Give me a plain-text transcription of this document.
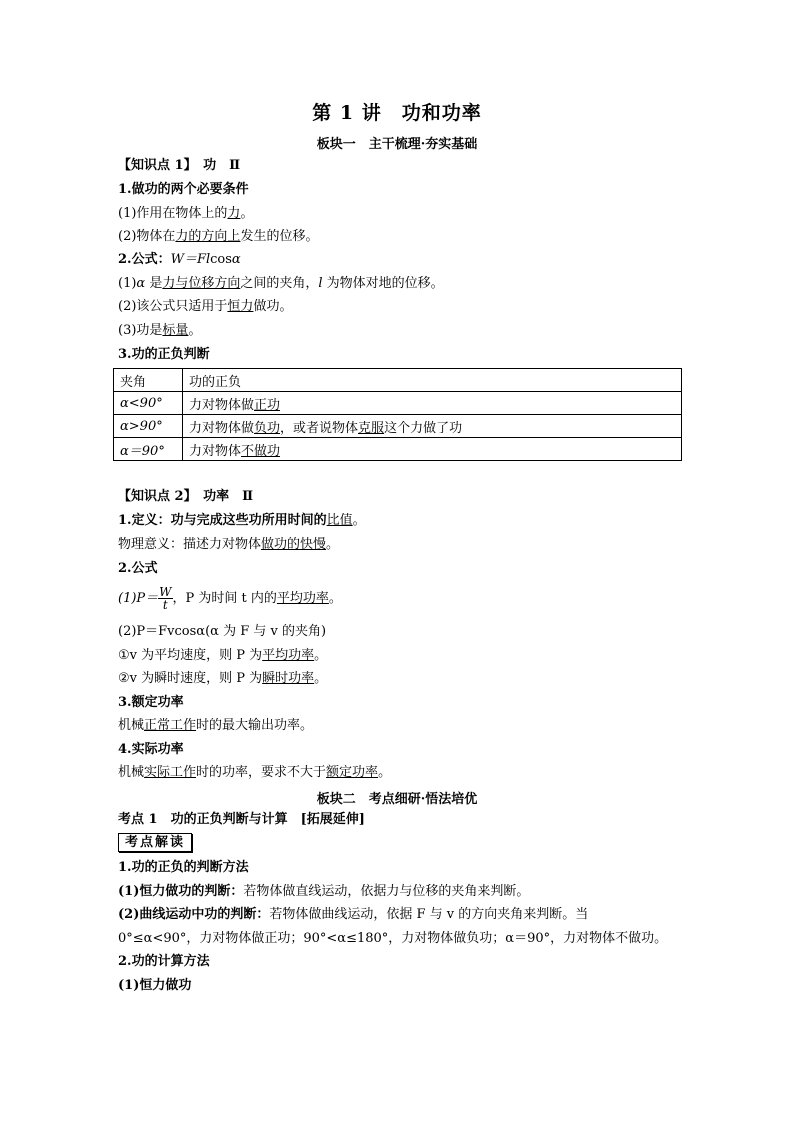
第 1 讲　功和功率
板块一　主干梳理·夯实基础
【知识点 1】　功　Ⅱ
1.做功的两个必要条件
(1)作用在物体上的力。
(2)物体在力的方向上发生的位移。
2.公式：W＝Flcosα
(1)α 是力与位移方向之间的夹角，l 为物体对地的位移。
(2)该公式只适用于恒力做功。
(3)功是标量。
3.功的正负判断
夹角	功的正负
α<90°	力对物体做正功
α>90°	力对物体做负功，或者说物体克服这个力做了功
α＝90°	力对物体不做功
【知识点 2】　功率　Ⅱ
1.定义：功与完成这些功所用时间的比值。
物理意义：描述力对物体做功的快慢。
2.公式
$(1)P= \frac{W}{t}$ ，P 为时间 t 内的平均功率。
(2)P＝Fvcosα(α 为 F 与 v 的夹角)
①v 为平均速度，则 P 为平均功率。
②v 为瞬时速度，则 P 为瞬时功率。
3.额定功率
机械正常工作时的最大输出功率。
4.实际功率
机械实际工作时的功率，要求不大于额定功率。
板块二　考点细研·悟法培优
考点 1　功的正负判断与计算　[拓展延伸]
考点解读
1.功的正负的判断方法
(1)恒力做功的判断：若物体做直线运动，依据力与位移的夹角来判断。
(2)曲线运动中功的判断：若物体做曲线运动，依据 F 与 v 的方向夹角来判断。当
0°≤α<90°，力对物体做正功；90°<α≤180°，力对物体做负功；α＝90°，力对物体不做功。
2.功的计算方法
(1)恒力做功
